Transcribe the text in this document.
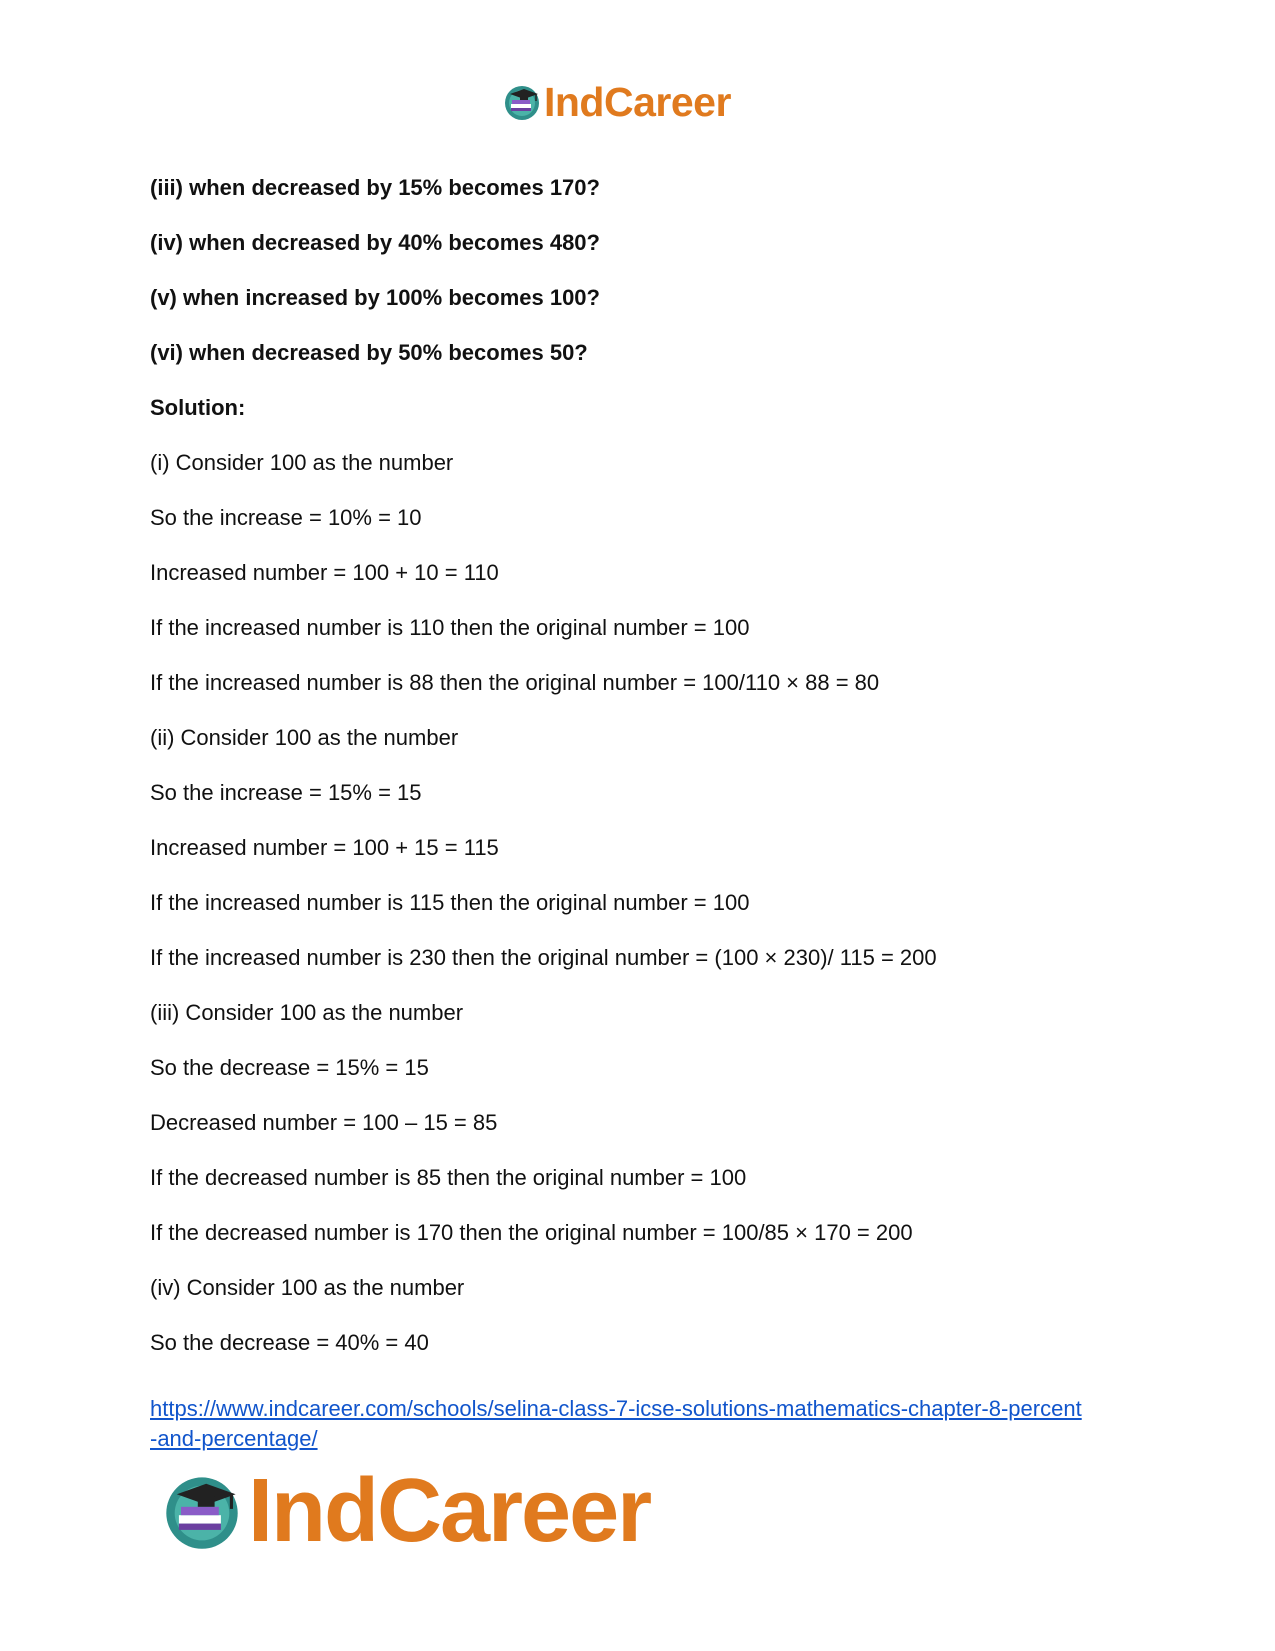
IndCareer

(iii) when decreased by 15% becomes 170?

(iv) when decreased by 40% becomes 480?

(v) when increased by 100% becomes 100?

(vi) when decreased by 50% becomes 50?

Solution:

(i) Consider 100 as the number

So the increase = 10% = 10

Increased number = 100 + 10 = 110

If the increased number is 110 then the original number = 100

If the increased number is 88 then the original number = 100/110 × 88 = 80

(ii) Consider 100 as the number

So the increase = 15% = 15

Increased number = 100 + 15 = 115

If the increased number is 115 then the original number = 100

If the increased number is 230 then the original number = (100 × 230)/ 115 = 200

(iii) Consider 100 as the number

So the decrease = 15% = 15

Decreased number = 100 – 15 = 85

If the decreased number is 85 then the original number = 100

If the decreased number is 170 then the original number = 100/85 × 170 = 200

(iv) Consider 100 as the number

So the decrease = 40% = 40

https://www.indcareer.com/schools/selina-class-7-icse-solutions-mathematics-chapter-8-percent
-and-percentage/
IndCareer
